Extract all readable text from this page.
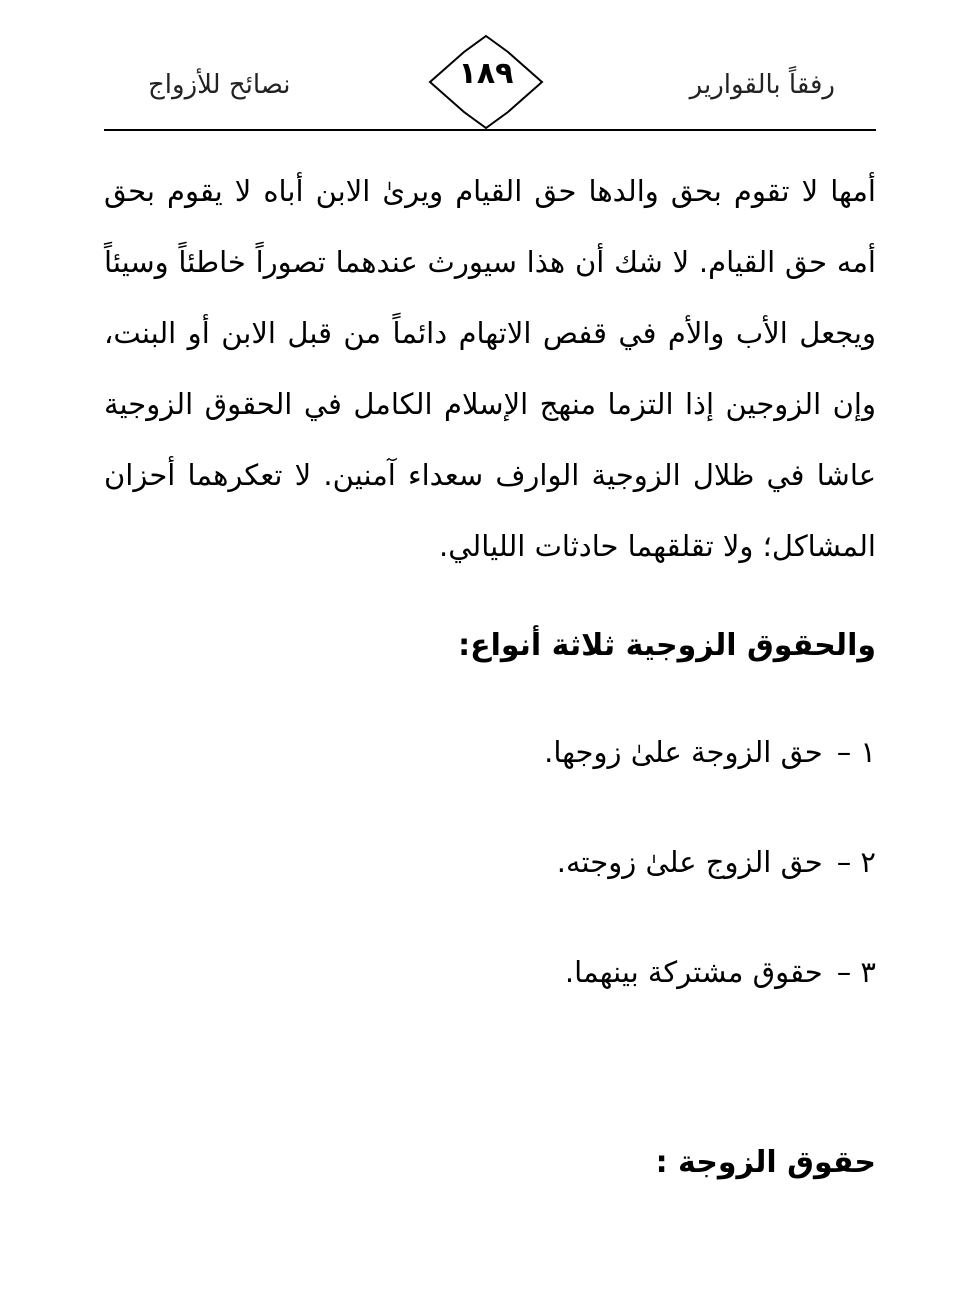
رفقاً بالقوارير
١٨٩
نصائح للأزواج

أمها لا تقوم بحق والدها حق القيام ويرىٰ الابن أباه لا يقوم بحق أمه حق القيام. لا شك أن هذا سيورث عندهما تصوراً خاطئاً وسيئاً ويجعل الأب والأم في قفص الاتهام دائماً من قبل الابن أو البنت، وإن الزوجين إذا التزما منهج الإسلام الكامل في الحقوق الزوجية عاشا في ظلال الزوجية الوارف سعداء آمنين. لا تعكرهما أحزان المشاكل؛ ولا تقلقهما حادثات الليالي.

والحقوق الزوجية ثلاثة أنواع:
١ –حق الزوجة علىٰ زوجها.
٢ –حق الزوج علىٰ زوجته.
٣ –حقوق مشتركة بينهما.
حقوق الزوجة :
